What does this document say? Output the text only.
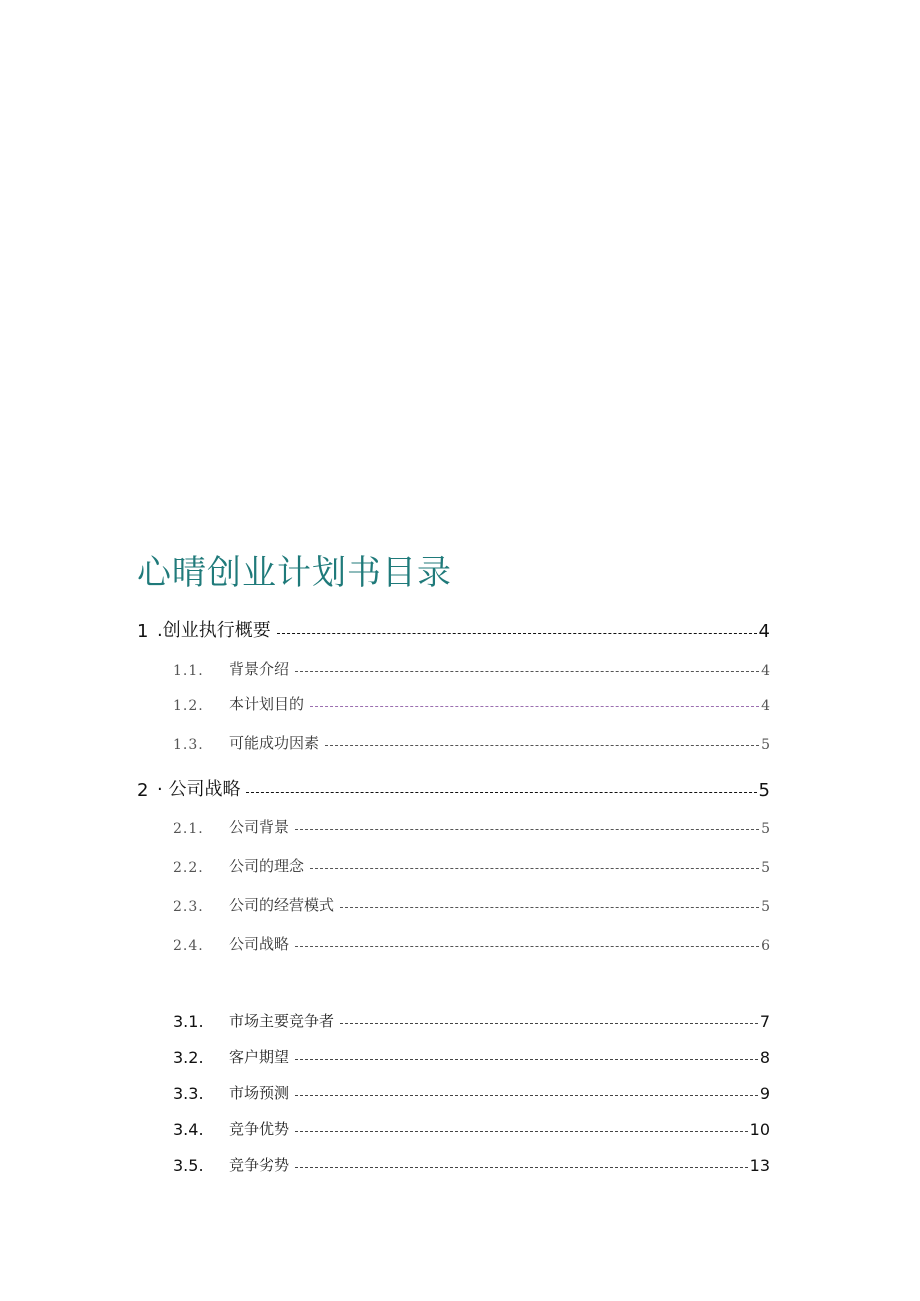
心晴创业计划书目录
1 .创业执行概要	4
1.1.	背景介绍	4
1.2.	本计划目的	4
1.3.	可能成功因素	5
2 · 公司战略	5
2.1.	公司背景	5
2.2.	公司的理念	5
2.3.	公司的经营模式	5
2.4.	公司战略	6
3.1.	市场主要竞争者	7
3.2.	客户期望	8
3.3.	市场预测	9
3.4.	竞争优势	10
3.5.	竞争劣势	13
